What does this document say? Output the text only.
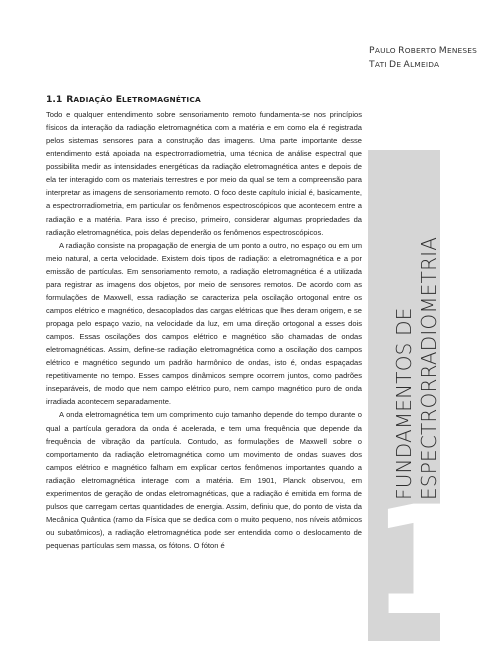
PAULO ROBERTO MENESES
TATI DE ALMEIDA
1.1 RADIAÇÃO ELETROMAGNÉTICA

Todo e qualquer entendimento sobre sensoriamento remoto fundamenta-se nos princípios físicos da interação da radiação eletromagnética com a matéria e em como ela é registrada pelos sistemas sensores para a construção das imagens. Uma parte importante desse entendimento está apoiada na espectrorradiometria, uma técnica de análise espectral que possibilita medir as intensidades energéticas da radiação eletromagnética antes e depois de ela ter interagido com os materiais terrestres e por meio da qual se tem a compreensão para interpretar as imagens de sensoriamento remoto. O foco deste capítulo inicial é, basicamente, a espectrorradiometria, em particular os fenômenos espectroscópicos que acontecem entre a radiação e a matéria. Para isso é preciso, primeiro, considerar algumas propriedades da radiação eletromagnética, pois delas dependerão os fenômenos espectroscópicos.

A radiação consiste na propagação de energia de um ponto a outro, no espaço ou em um meio natural, a certa velocidade. Existem dois tipos de radiação: a eletromagnética e a por emissão de partículas. Em sensoriamento remoto, a radiação eletromagnética é a utilizada para registrar as imagens dos objetos, por meio de sensores remotos. De acordo com as formulações de Maxwell, essa radiação se caracteriza pela oscilação ortogonal entre os campos elétrico e magnético, desacoplados das cargas elétricas que lhes deram origem, e se propaga pelo espaço vazio, na velocidade da luz, em uma direção ortogonal a esses dois campos. Essas oscilações dos campos elétrico e magnético são chamadas de ondas eletromagnéticas. Assim, define-se radiação eletromagnética como a oscilação dos campos elétrico e magnético segundo um padrão harmônico de ondas, isto é, ondas espaçadas repetitivamente no tempo. Esses campos dinâmicos sempre ocorrem juntos, como padrões inseparáveis, de modo que nem campo elétrico puro, nem campo magnético puro de onda irradiada acontecem separadamente.

A onda eletromagnética tem um comprimento cujo tamanho depende do tempo durante o qual a partícula geradora da onda é acelerada, e tem uma frequência que depende da frequência de vibração da partícula. Contudo, as formulações de Maxwell sobre o comportamento da radiação eletromagnética como um movimento de ondas suaves dos campos elétrico e magnético falham em explicar certos fenômenos importantes quando a radiação eletromagnética interage com a matéria. Em 1901, Planck observou, em experimentos de geração de ondas eletromagnéticas, que a radiação é emitida em forma de pulsos que carregam certas quantidades de energia. Assim, definiu que, do ponto de vista da Mecânica Quântica (ramo da Física que se dedica com o muito pequeno, nos níveis atômicos ou subatômicos), a radiação eletromagnética pode ser entendida como o deslocamento de pequenas partículas sem massa, os fótons. O fóton é

FUNDAMENTOS DE ESPECTRORRADIOMETRIA
1
